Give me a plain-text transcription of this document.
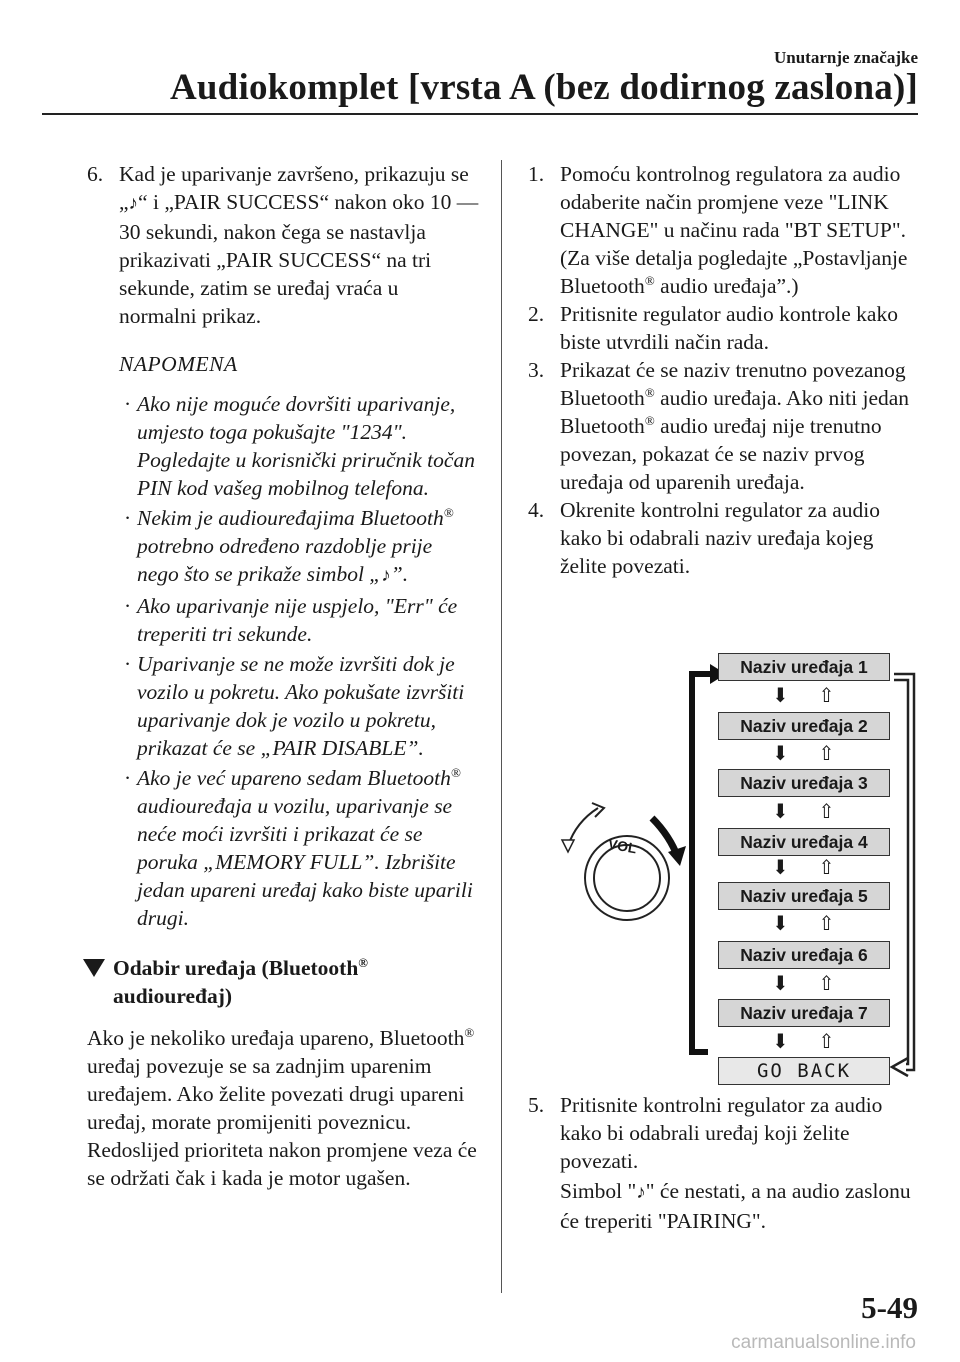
Unutarnje značajke
Audiokomplet [vrsta A (bez dodirnog zaslona)]
6. Kad je uparivanje završeno, prikazuju se „♪“ i „PAIR SUCCESS“ nakon oko 10 — 30 sekundi, nakon čega se nastavlja prikazivati „PAIR SUCCESS“ na tri sekunde, zatim se uređaj vraća u normalni prikaz.
NAPOMENA
· Ako nije moguće dovršiti uparivanje, umjesto toga pokušajte "1234". Pogledajte u korisnički priručnik točan PIN kod vašeg mobilnog telefona.
· Nekim je audiouređajima Bluetooth® potrebno određeno razdoblje prije nego što se prikaže simbol „♪”.
· Ako uparivanje nije uspjelo, "Err" će treperiti tri sekunde.
· Uparivanje se ne može izvršiti dok je vozilo u pokretu. Ako pokušate izvršiti uparivanje dok je vozilo u pokretu, prikazat će se „PAIR DISABLE”.
· Ako je već upareno sedam Bluetooth® audiouređaja u vozilu, uparivanje se neće moći izvršiti i prikazat će se poruka „MEMORY FULL”. Izbrišite jedan upareni uređaj kako biste uparili drugi.
Odabir uređaja (Bluetooth® audiouređaj)
Ako je nekoliko uređaja upareno, Bluetooth® uređaj povezuje se sa zadnjim uparenim uređajem. Ako želite povezati drugi upareni uređaj, morate promijeniti poveznicu. Redoslijed prioriteta nakon promjene veza će se održati čak i kada je motor ugašen.
1. Pomoću kontrolnog regulatora za audio odaberite način promjene veze "LINK CHANGE" u načinu rada "BT SETUP". (Za više detalja pogledajte „Postavljanje Bluetooth® audio uređaja”.)
2. Pritisnite regulator audio kontrole kako biste utvrdili način rada.
3. Prikazat će se naziv trenutno povezanog Bluetooth® audio uređaja. Ako niti jedan Bluetooth® audio uređaj nije trenutno povezan, pokazat će se naziv prvog uređaja od uparenih uređaja.
4. Okrenite kontrolni regulator za audio kako bi odabrali naziv uređaja kojeg želite povezati.
VOL
Naziv uređaja 1
⬇ ⇧
Naziv uređaja 2
⬇ ⇧
Naziv uređaja 3
⬇ ⇧
Naziv uređaja 4
⬇ ⇧
Naziv uređaja 5
⬇ ⇧
Naziv uređaja 6
⬇ ⇧
Naziv uređaja 7
⬇ ⇧
GO BACK
5. Pritisnite kontrolni regulator za audio kako bi odabrali uređaj koji želite povezati.
Simbol "♪" će nestati, a na audio zaslonu će treperiti "PAIRING".
5-49
carmanualsonline.info
